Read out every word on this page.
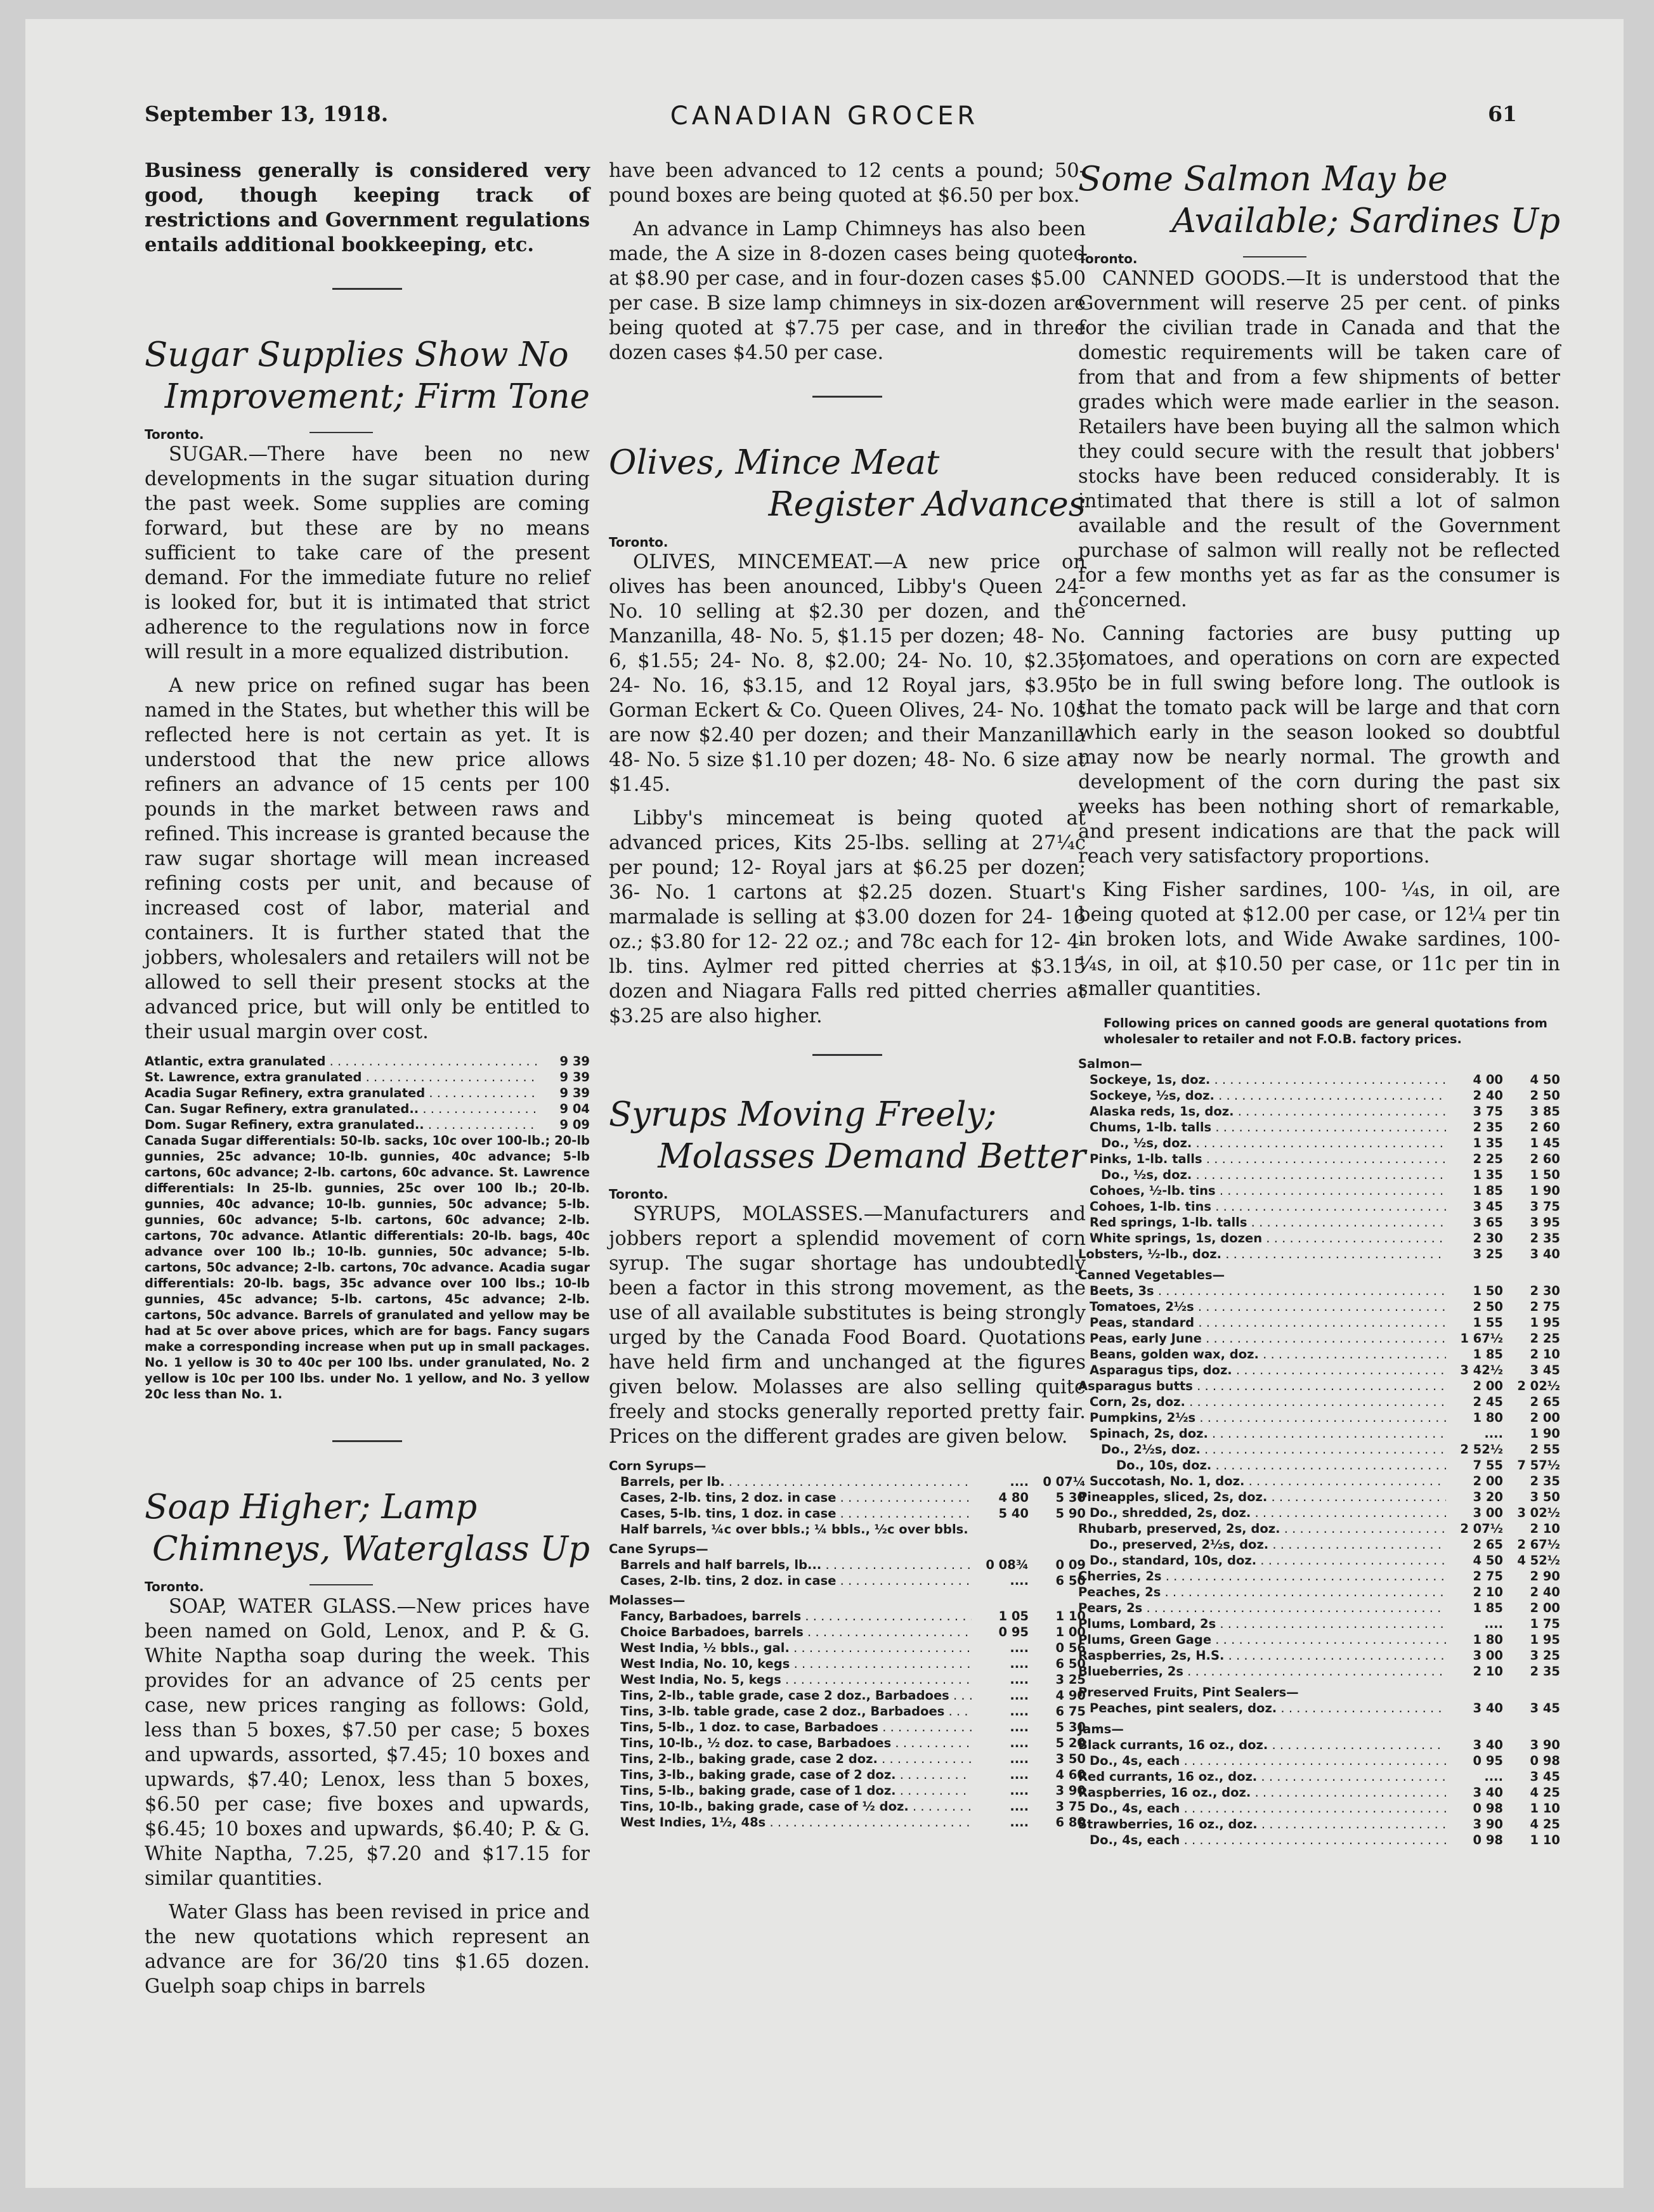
September 13, 1918.	CANADIAN GROCER	61

Business generally is considered very good, though keeping track of restrictions and Government regulations entails additional bookkeeping, etc.

Sugar Supplies Show No
Improvement; Firm Tone
Toronto.

SUGAR.—There have been no new developments in the sugar situation during the past week. Some supplies are coming forward, but these are by no means sufficient to take care of the present demand. For the immediate future no relief is looked for, but it is intimated that strict adherence to the regulations now in force will result in a more equalized distribution.

A new price on refined sugar has been named in the States, but whether this will be reflected here is not certain as yet. It is understood that the new price allows refiners an advance of 15 cents per 100 pounds in the market between raws and refined. This increase is granted because the raw sugar shortage will mean increased refining costs per unit, and because of increased cost of labor, material and containers. It is further stated that the jobbers, wholesalers and retailers will not be allowed to sell their present stocks at the advanced price, but will only be entitled to their usual margin over cost.

Atlantic, extra granulated . . .	9 39
St. Lawrence, extra granulated . . .	9 39
Acadia Sugar Refinery, extra granulated . . .	9 39
Can. Sugar Refinery, extra granulated.. . . .	9 04
Dom. Sugar Refinery, extra granulated.. . . .	9 09
Canada Sugar differentials: 50-lb. sacks, 10c over 100-lb.; 20-lb gunnies, 25c advance; 10-lb. gunnies, 40c advance; 5-lb cartons, 60c advance; 2-lb. cartons, 60c advance. St. Lawrence differentials: In 25-lb. gunnies, 25c over 100 lb.; 20-lb. gunnies, 40c advance; 10-lb. gunnies, 50c advance; 5-lb. gunnies, 60c advance; 5-lb. cartons, 60c advance; 2-lb. cartons, 70c advance. Atlantic differentials: 20-lb. bags, 40c advance over 100 lb.; 10-lb. gunnies, 50c advance; 5-lb. cartons, 50c advance; 2-lb. cartons, 70c advance. Acadia sugar differentials: 20-lb. bags, 35c advance over 100 lbs.; 10-lb gunnies, 45c advance; 5-lb. cartons, 45c advance; 2-lb. cartons, 50c advance. Barrels of granulated and yellow may be had at 5c over above prices, which are for bags. Fancy sugars make a corresponding increase when put up in small packages. No. 1 yellow is 30 to 40c per 100 lbs. under granulated, No. 2 yellow is 10c per 100 lbs. under No. 1 yellow, and No. 3 yellow 20c less than No. 1.
Soap Higher; Lamp
Chimneys, Waterglass Up
Toronto.

SOAP, WATER GLASS.—New prices have been named on Gold, Lenox, and P. & G. White Naptha soap during the week. This provides for an advance of 25 cents per case, new prices ranging as follows: Gold, less than 5 boxes, $7.50 per case; 5 boxes and upwards, assorted, $7.45; 10 boxes and upwards, $7.40; Lenox, less than 5 boxes, $6.50 per case; five boxes and upwards, $6.45; 10 boxes and upwards, $6.40; P. & G. White Naptha, 7.25, $7.20 and $17.15 for similar quantities.

Water Glass has been revised in price and the new quotations which represent an advance are for 36/20 tins $1.65 dozen. Guelph soap chips in barrels

have been advanced to 12 cents a pound; 50-pound boxes are being quoted at $6.50 per box.

An advance in Lamp Chimneys has also been made, the A size in 8-dozen cases being quoted at $8.90 per case, and in four-dozen cases $5.00 per case. B size lamp chimneys in six-dozen are being quoted at $7.75 per case, and in three dozen cases $4.50 per case.

Olives, Mince Meat
Register Advances
Toronto.

OLIVES, MINCEMEAT.—A new price on olives has been anounced, Libby's Queen 24- No. 10 selling at $2.30 per dozen, and the Manzanilla, 48- No. 5, $1.15 per dozen; 48- No. 6, $1.55; 24- No. 8, $2.00; 24- No. 10, $2.35; 24- No. 16, $3.15, and 12 Royal jars, $3.95. Gorman Eckert & Co. Queen Olives, 24- No. 10s are now $2.40 per dozen; and their Manzanilla 48- No. 5 size $1.10 per dozen; 48- No. 6 size at $1.45.

Libby's mincemeat is being quoted at advanced prices, Kits 25-lbs. selling at 27¼c per pound; 12- Royal jars at $6.25 per dozen; 36- No. 1 cartons at $2.25 dozen. Stuart's marmalade is selling at $3.00 dozen for 24- 16 oz.; $3.80 for 12- 22 oz.; and 78c each for 12- 4-lb. tins. Aylmer red pitted cherries at $3.15 dozen and Niagara Falls red pitted cherries at $3.25 are also higher.

Syrups Moving Freely;
Molasses Demand Better
Toronto.

SYRUPS, MOLASSES.—Manufacturers and jobbers report a splendid movement of corn syrup. The sugar shortage has undoubtedly been a factor in this strong movement, as the use of all available substitutes is being strongly urged by the Canada Food Board. Quotations have held firm and unchanged at the figures given below. Molasses are also selling quite freely and stocks generally reported pretty fair. Prices on the different grades are given below.

Corn Syrups—
Barrels, per lb. . . .	....	0 07¼
Cases, 2-lb. tins, 2 doz. in case . . .	4 80	5 30
Cases, 5-lb. tins, 1 doz. in case . . .	5 40	5 90
Half barrels, ¼c over bbls.; ¼ bbls., ½c over bbls.
Cane Syrups—
Barrels and half barrels, lb... . . .	0 08¾	0 09
Cases, 2-lb. tins, 2 doz. in case . . .	....	6 50
Molasses—
Fancy, Barbadoes, barrels . . .	1 05	1 10
Choice Barbadoes, barrels . . .	0 95	1 00
West India, ½ bbls., gal. . . .	....	0 56
West India, No. 10, kegs . . .	....	6 50
West India, No. 5, kegs . . .	....	3 25
Tins, 2-lb., table grade, case 2 doz., Barbadoes . . .	....	4 90
Tins, 3-lb. table grade, case 2 doz., Barbadoes . . .	....	6 75
Tins, 5-lb., 1 doz. to case, Barbadoes . . .	....	5 30
Tins, 10-lb., ½ doz. to case, Barbadoes . . .	....	5 20
Tins, 2-lb., baking grade, case 2 doz. . . .	....	3 50
Tins, 3-lb., baking grade, case of 2 doz. . . .	....	4 60
Tins, 5-lb., baking grade, case of 1 doz. . . .	....	3 90
Tins, 10-lb., baking grade, case of ½ doz. . . .	....	3 75
West Indies, 1½, 48s . . .	....	6 80
Some Salmon May be
Available; Sardines Up
Toronto.

CANNED GOODS.—It is understood that the Government will reserve 25 per cent. of pinks for the civilian trade in Canada and that the domestic requirements will be taken care of from that and from a few shipments of better grades which were made earlier in the season. Retailers have been buying all the salmon which they could secure with the result that jobbers' stocks have been reduced considerably. It is intimated that there is still a lot of salmon available and the result of the Government purchase of salmon will really not be reflected for a few months yet as far as the consumer is concerned.

Canning factories are busy putting up tomatoes, and operations on corn are expected to be in full swing before long. The outlook is that the tomato pack will be large and that corn which early in the season looked so doubtful may now be nearly normal. The growth and development of the corn during the past six weeks has been nothing short of remarkable, and present indications are that the pack will reach very satisfactory proportions.

King Fisher sardines, 100- ¼s, in oil, are being quoted at $12.00 per case, or 12¼ per tin in broken lots, and Wide Awake sardines, 100- ¼s, in oil, at $10.50 per case, or 11c per tin in smaller quantities.

Following prices on canned goods are general quotations from wholesaler to retailer and not F.O.B. factory prices.
Salmon—
Sockeye, 1s, doz. . . .	4 00	4 50
Sockeye, ½s, doz. . . .	2 40	2 50
Alaska reds, 1s, doz. . . .	3 75	3 85
Chums, 1-lb. talls . . .	2 35	2 60
Do., ½s, doz. . . .	1 35	1 45
Pinks, 1-lb. talls . . .	2 25	2 60
Do., ½s, doz. . . .	1 35	1 50
Cohoes, ½-lb. tins . . .	1 85	1 90
Cohoes, 1-lb. tins . . .	3 45	3 75
Red springs, 1-lb. talls . . .	3 65	3 95
White springs, 1s, dozen . . .	2 30	2 35
Lobsters, ½-lb., doz. . . .	3 25	3 40
Canned Vegetables—
Beets, 3s . . .	1 50	2 30
Tomatoes, 2½s . . .	2 50	2 75
Peas, standard . . .	1 55	1 95
Peas, early June . . .	1 67½	2 25
Beans, golden wax, doz. . . .	1 85	2 10
Asparagus tips, doz. . . .	3 42½	3 45
Asparagus butts . . .	2 00	2 02½
Corn, 2s, doz. . . .	2 45	2 65
Pumpkins, 2½s . . .	1 80	2 00
Spinach, 2s, doz. . . .	....	1 90
Do., 2½s, doz. . . .	2 52½	2 55
Do., 10s, doz. . . .	7 55	7 57½
Succotash, No. 1, doz. . . .	2 00	2 35
Pineapples, sliced, 2s, doz. . . .	3 20	3 50
Do., shredded, 2s, doz. . . .	3 00	3 02½
Rhubarb, preserved, 2s, doz. . . .	2 07½	2 10
Do., preserved, 2½s, doz. . . .	2 65	2 67½
Do., standard, 10s, doz. . . .	4 50	4 52½
Cherries, 2s . . .	2 75	2 90
Peaches, 2s . . .	2 10	2 40
Pears, 2s . . .	1 85	2 00
Plums, Lombard, 2s . . .	....	1 75
Plums, Green Gage . . .	1 80	1 95
Raspberries, 2s, H.S. . . .	3 00	3 25
Blueberries, 2s . . .	2 10	2 35
Preserved Fruits, Pint Sealers—
Peaches, pint sealers, doz. . . .	3 40	3 45
Jams—
Black currants, 16 oz., doz. . . .	3 40	3 90
Do., 4s, each . . .	0 95	0 98
Red currants, 16 oz., doz. . . .	....	3 45
Raspberries, 16 oz., doz. . . .	3 40	4 25
Do., 4s, each . . .	0 98	1 10
Strawberries, 16 oz., doz. . . .	3 90	4 25
Do., 4s, each . . .	0 98	1 10
